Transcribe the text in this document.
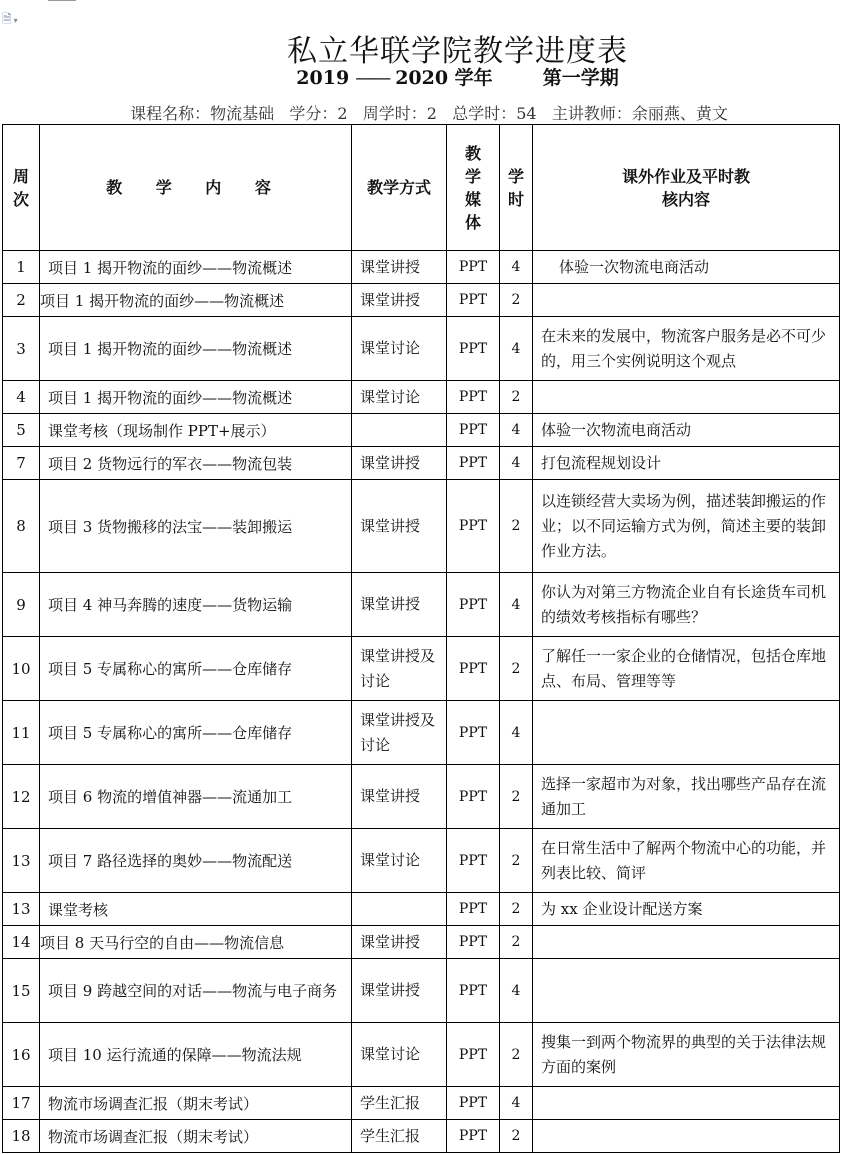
🗎 ▾
私立华联学院教学进度表
2019 —— 2020 学年	第一学期
课程名称：物流基础   学分：2   周学时：2   总学时：54   主讲教师：余丽燕、黄文
周次	教 学 内 容	教学方式	教学媒体	学时	课外作业及平时教核内容
1	项目 1 揭开物流的面纱——物流概述	课堂讲授	PPT	4	体验一次物流电商活动
2	项目 1 揭开物流的面纱——物流概述	课堂讲授	PPT	2	
3	项目 1 揭开物流的面纱——物流概述	课堂讨论	PPT	4	在未来的发展中，物流客户服务是必不可少的，用三个实例说明这个观点
4	项目 1 揭开物流的面纱——物流概述	课堂讨论	PPT	2	
5	课堂考核（现场制作 PPT+展示）		PPT	4	体验一次物流电商活动
7	项目 2 货物远行的军衣——物流包装	课堂讲授	PPT	4	打包流程规划设计
8	项目 3 货物搬移的法宝——装卸搬运	课堂讲授	PPT	2	以连锁经营大卖场为例，描述装卸搬运的作业；以不同运输方式为例，简述主要的装卸作业方法。
9	项目 4 神马奔腾的速度——货物运输	课堂讲授	PPT	4	你认为对第三方物流企业自有长途货车司机的绩效考核指标有哪些？
10	项目 5 专属称心的寓所——仓库储存	课堂讲授及讨论	PPT	2	了解任一一家企业的仓储情况，包括仓库地点、布局、管理等等
11	项目 5 专属称心的寓所——仓库储存	课堂讲授及讨论	PPT	4	
12	项目 6 物流的增值神器——流通加工	课堂讲授	PPT	2	选择一家超市为对象，找出哪些产品存在流通加工
13	项目 7 路径选择的奥妙——物流配送	课堂讨论	PPT	2	在日常生活中了解两个物流中心的功能，并列表比较、简评
13	课堂考核		PPT	2	为 xx 企业设计配送方案
14	项目 8 天马行空的自由——物流信息	课堂讲授	PPT	2	
15	项目 9 跨越空间的对话——物流与电子商务	课堂讲授	PPT	4	
16	项目 10 运行流通的保障——物流法规	课堂讨论	PPT	2	搜集一到两个物流界的典型的关于法律法规方面的案例
17	物流市场调查汇报（期末考试）	学生汇报	PPT	4	
18	物流市场调查汇报（期末考试）	学生汇报	PPT	2	
